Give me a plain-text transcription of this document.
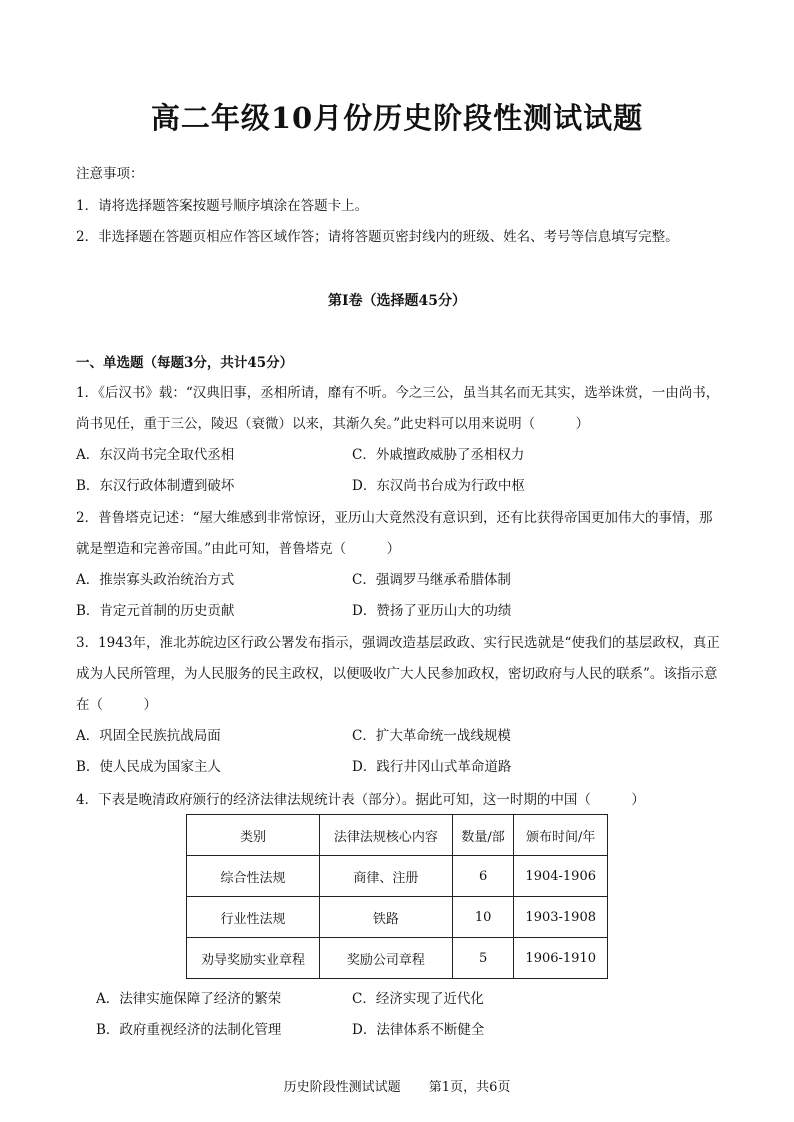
高二年级10月份历史阶段性测试试题
注意事项：
1．请将选择题答案按题号顺序填涂在答题卡上。
2．非选择题在答题页相应作答区域作答；请将答题页密封线内的班级、姓名、考号等信息填写完整。
第Ⅰ卷（选择题45分）
一、单选题（每题3分，共计45分）
1．《后汉书》载：“汉典旧事，丞相所请，靡有不听。今之三公，虽当其名而无其实，选举诛赏，一由尚书，尚书见任，重于三公，陵迟（衰微）以来，其渐久矣。”此史料可以用来说明（　　　）
A．东汉尚书完全取代丞相	C．外戚擅政威胁了丞相权力
B．东汉行政体制遭到破坏	D．东汉尚书台成为行政中枢
2．普鲁塔克记述：“屋大维感到非常惊讶，亚历山大竟然没有意识到，还有比获得帝国更加伟大的事情，那就是塑造和完善帝国。”由此可知，普鲁塔克（　　　）
A．推崇寡头政治统治方式	C．强调罗马继承希腊体制
B．肯定元首制的历史贡献	D．赞扬了亚历山大的功绩
3．1943年，淮北苏皖边区行政公署发布指示，强调改造基层政政、实行民选就是“使我们的基层政权，真正成为人民所管理，为人民服务的民主政权，以便吸收广大人民参加政权，密切政府与人民的联系”。该指示意在（　　　）
A．巩固全民族抗战局面	C．扩大革命统一战线规模
B．使人民成为国家主人	D．践行井冈山式革命道路
4．下表是晚清政府颁行的经济法律法规统计表（部分）。据此可知，这一时期的中国（　　　）
类别	法律法规核心内容	数量/部	颁布时间/年
综合性法规	商律、注册	6	1904-1906
行业性法规	铁路	10	1903-1908
劝导奖励实业章程	奖励公司章程	5	1906-1910
A．法律实施保障了经济的繁荣	C．经济实现了近代化
B．政府重视经济的法制化管理	D．法律体系不断健全
历史阶段性测试试题 第1页，共6页
